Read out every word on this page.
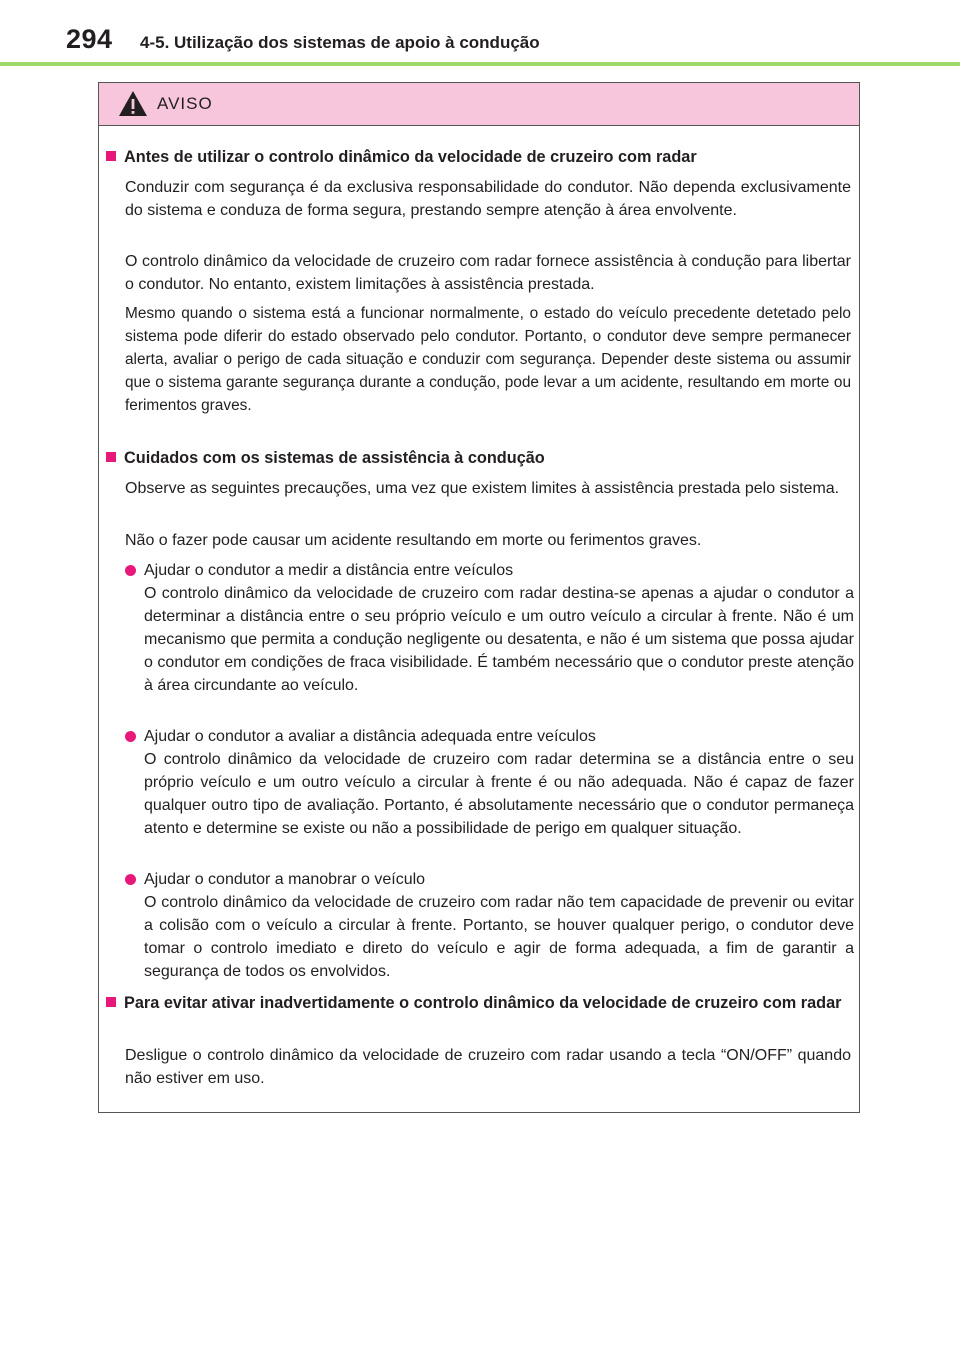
294 4-5. Utilização dos sistemas de apoio à condução
AVISO
Antes de utilizar o controlo dinâmico da velocidade de cruzeiro com radar
Conduzir com segurança é da exclusiva responsabilidade do condutor. Não dependa exclusivamente do sistema e conduza de forma segura, prestando sempre atenção à área envolvente.
O controlo dinâmico da velocidade de cruzeiro com radar fornece assistência à condução para libertar o condutor. No entanto, existem limitações à assistência prestada.
Mesmo quando o sistema está a funcionar normalmente, o estado do veículo precedente detetado pelo sistema pode diferir do estado observado pelo condutor. Portanto, o condutor deve sempre permanecer alerta, avaliar o perigo de cada situação e conduzir com segurança. Depender deste sistema ou assumir que o sistema garante segurança durante a condução, pode levar a um acidente, resultando em morte ou ferimentos graves.
Cuidados com os sistemas de assistência à condução
Observe as seguintes precauções, uma vez que existem limites à assistência prestada pelo sistema.
Não o fazer pode causar um acidente resultando em morte ou ferimentos graves.
Ajudar o condutor a medir a distância entre veículos
O controlo dinâmico da velocidade de cruzeiro com radar destina-se apenas a ajudar o condutor a determinar a distância entre o seu próprio veículo e um outro veículo a circular à frente. Não é um mecanismo que permita a condução negligente ou desatenta, e não é um sistema que possa ajudar o condutor em condições de fraca visibilidade. É também necessário que o condutor preste atenção à área circundante ao veículo.
Ajudar o condutor a avaliar a distância adequada entre veículos
O controlo dinâmico da velocidade de cruzeiro com radar determina se a distância entre o seu próprio veículo e um outro veículo a circular à frente é ou não adequada. Não é capaz de fazer qualquer outro tipo de avaliação. Portanto, é absolutamente necessário que o condutor permaneça atento e determine se existe ou não a possibilidade de perigo em qualquer situação.
Ajudar o condutor a manobrar o veículo
O controlo dinâmico da velocidade de cruzeiro com radar não tem capacidade de prevenir ou evitar a colisão com o veículo a circular à frente. Portanto, se houver qualquer perigo, o condutor deve tomar o controlo imediato e direto do veículo e agir de forma adequada, a fim de garantir a segurança de todos os envolvidos.
Para evitar ativar inadvertidamente o controlo dinâmico da velocidade de cruzeiro com radar
Desligue o controlo dinâmico da velocidade de cruzeiro com radar usando a tecla “ON/OFF” quando não estiver em uso.
